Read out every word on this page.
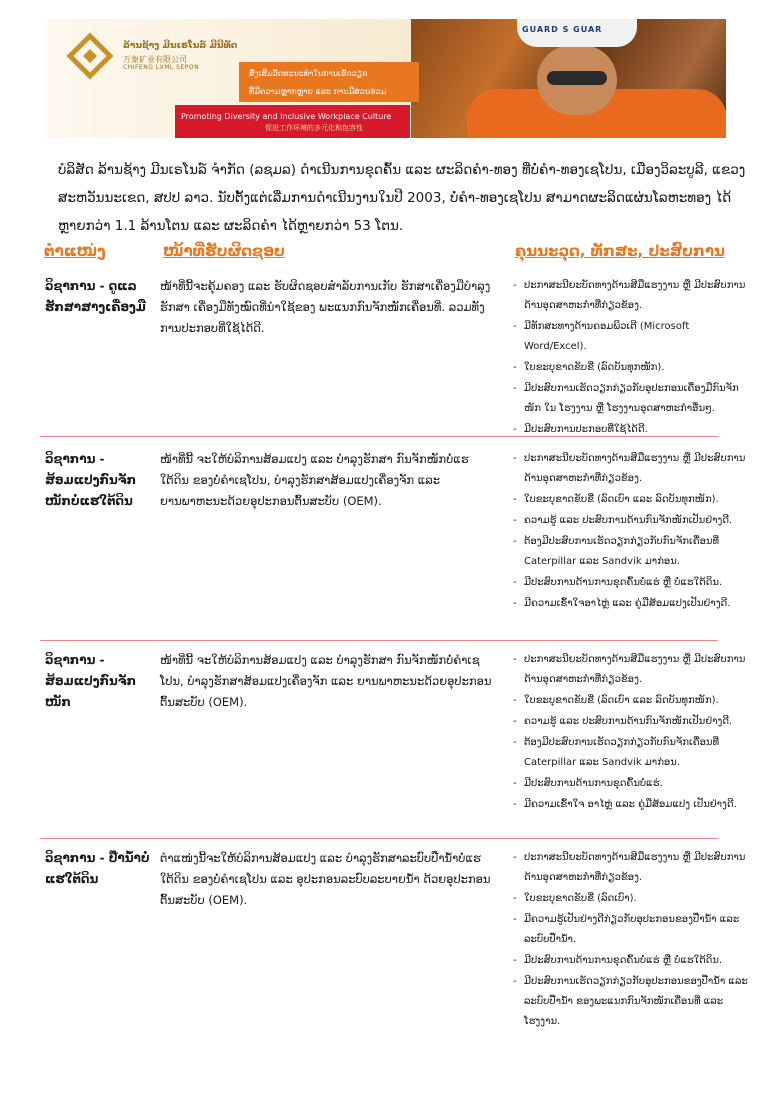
ລ້ານຊ້າງ ມີນເຣໂນລ໌ ມີນີທັດ
万象矿业有限公司
CHIFENG LXML SEPON
GUARD S GUAR
ສົ່ງເສີມວັດທະນະທຳໃນການເຮັດວຽກ
ທີ່ມີຄວາມຫຼາກຫຼາຍ ແລະ ການມີສ່ວນຮ່ວມ
Promoting Diversity and Inclusive Workplace Culture
促进工作环境的多元化和包容性
ບໍລິສັດ ລ້ານຊ້າງ ມີນເຣໂນລ໌ ຈຳກັດ (ລຊມລ) ດຳເນີນການຂຸດຄົ້ນ ແລະ ຜະລິດຄຳ-ທອງ ທີ່ບໍ່ຄຳ-ທອງເຊໂປນ, ເມືອງວິລະບູລີ, ແຂວງສະຫວັນນະເຂດ, ສປປ ລາວ. ນັບຕັ້ງແຕ່ເລີ່ມການດຳເນີນງານໃນປີ 2003, ບໍ່ຄຳ-ທອງເຊໂປນ ສາມາດຜະລິດແຜ່ນໂລຫະທອງ ໄດ້ຫຼາຍກວ່າ 1.1 ລ້ານໂຕນ ແລະ ຜະລິດຄຳ ໄດ້ຫຼາຍກວ່າ 53 ໂຕນ.
ຕຳແໜ່ງ	ໜ້າທີ່ຮັບຜິດຊອບ	ຄຸນນະວຸດ, ທັກສະ, ປະສົບການ
ວິຊາການ - ດູແລຮັກສາສາງເຄື່ອງມື
ໜ້າທີ່ນີ້ຈະຄຸ້ມຄອງ ແລະ ຮັບຜິດຊອບສຳລັບການເກັບ ຮັກສາເຄື່ອງມືບຳລຸງຮັກສາ ເຄື່ອງມືທັງໝົດທີ່ນຳໃຊ້ຂອງ ພະແນກກົນຈັກໜັກເຄື່ອນທີ່. ລວມທັງການປະກອບທີ່ໃຊ້ໄດ້ດີ.
- ປະກາສະນີຍະບັດທາງດ້ານສີມືແຮງງານ ຫຼື ມີປະສົບການດ້ານອຸດສາຫະກຳທີ່ກ່ຽວຂ້ອງ.
- ມີທັກສະທາງດ້ານຄອມພິວເຕີ (Microsoft Word/Excel).
- ໃບຂະບຸຂາດຂັບຂີ່ (ລົດບັນທຸກໜັກ).
- ມີປະສົບການເຮັດວຽກກ່ຽວກັບອຸປະກອນເຄື່ອງມືກົນຈັກໜັກ ໃນ ໂຮງງານ ຫຼື ໂຮງງານອຸດສາຫະກຳອື່ນໆ.
- ມີປະສົບການປະກອບທີ່ໃຊ້ໄດ້ດີ.
ວິຊາການ - ສ້ອມແປງກົນຈັກໜັກບໍ່ແຮໃຕ້ດິນ
ໜ້າທີ່ນີ້ ຈະໃຫ້ບໍລິການສ້ອມແປງ ແລະ ບຳລຸງຮັກສາ ກົນຈັກໜັກບໍ່ແຮໃຕ້ດິນ ຂອງບໍ່ຄຳເຊໂປນ, ບຳລຸງຮັກສາສ້ອມແປງເຄື່ອງຈັກ ແລະ ຍານພາຫະນະດ້ວຍອຸປະກອນຕົ້ນສະບັບ (OEM).
- ປະກາສະນີຍະບັດທາງດ້ານສີມືແຮງງານ ຫຼື ມີປະສົບການດ້ານອຸດສາຫະກຳທີ່ກ່ຽວຂ້ອງ.
- ໃບຂະບຸຂາດຂັບຂີ່ (ລົດເບົາ ແລະ ລົດບັນທຸກໜັກ).
- ຄວາມຮູ້ ແລະ ປະສົບການດ້ານກົນຈັກໜັກເປັນຢ່າງດີ.
- ຕ້ອງມີປະສົບການເຮັດວຽກກ່ຽວກັບກົນຈັກເຄື່ອນທີ່ Caterpillar ແລະ Sandvik ມາກ່ອນ.
- ມີປະສົບການດ້ານການຂຸດຄົ້ນບໍ່ແຮ່ ຫຼື ບໍ່ແຮໃຕ້ດິນ.
- ມີຄວາມເຂົ້າໃຈອາໄຫຼ່ ແລະ ຄູ່ມືສ້ອມແປງເປັນຢ່າງດີ.
ວິຊາການ - ສ້ອມແປງກົນຈັກໜັກ
ໜ້າທີ່ນີ້ ຈະໃຫ້ບໍລິການສ້ອມແປງ ແລະ ບຳລຸງຮັກສາ ກົນຈັກໜັກບໍ່ຄຳເຊໂປນ, ບຳລຸງຮັກສາສ້ອມແປງເຄື່ອງຈັກ ແລະ ຍານພາຫະນະດ້ວຍອຸປະກອນຕົ້ນສະບັບ (OEM).
- ປະກາສະນີຍະບັດທາງດ້ານສີມືແຮງງານ ຫຼື ມີປະສົບການດ້ານອຸດສາຫະກຳທີ່ກ່ຽວຂ້ອງ.
- ໃບຂະບຸຂາດຂັບຂີ່ (ລົດເບົາ ແລະ ລົດບັນທຸກໜັກ).
- ຄວາມຮູ້ ແລະ ປະສົບການດ້ານກົນຈັກໜັກເປັນຢ່າງດີ.
- ຕ້ອງມີປະສົບການເຮັດວຽກກ່ຽວກັບກົນຈັກເຄື່ອນທີ່ Caterpillar ແລະ Sandvik ມາກ່ອນ.
- ມີປະສົບການດ້ານການຂຸດຄົ້ນບໍ່ແຮ່.
- ມີຄວາມເຂົ້າໃຈ ອາໄຫຼ່ ແລະ ຄູ່ມືສ້ອມແປງ ເປັນຢ່າງດີ.
ວິຊາການ - ປ໊ຳນ້ຳບໍ່ແຮໃຕ້ດິນ
ຕຳແໜ່ງນີ້ຈະໃຫ້ບໍລິການສ້ອມແປງ ແລະ ບຳລຸງຮັກສາລະບົບປ໊ຳນ້ຳບໍ່ແຮໃຕ້ດິນ ຂອງບໍ່ຄຳເຊໂປນ ແລະ ອຸປະກອນລະບົບລະບາຍນ້ຳ ດ້ວຍອຸປະກອນຕົ້ນສະບັບ (OEM).
- ປະກາສະນີຍະບັດທາງດ້ານສີມືແຮງງານ ຫຼື ມີປະສົບການດ້ານອຸດສາຫະກຳທີ່ກ່ຽວຂ້ອງ.
- ໃບຂະບຸຂາດຂັບຂີ່ (ລົດເບົາ).
- ມີຄວາມຮູ້ເປັນຢ່າງດີກ່ຽວກັບອຸປະກອນຂອງປ໊ຳນ້ຳ ແລະ ລະບົບປ໊ຳນ້ຳ.
- ມີປະສົບການດ້ານການຂຸດຄົ້ນບໍ່ແຮ່ ຫຼື ບໍ່ແຮໃຕ້ດິນ.
- ມີປະສົບການເຮັດວຽກກ່ຽວກັບອຸປະກອນຂອງປ໊ຳນ້ຳ ແລະ ລະບົບປ໊ຳນ້ຳ ຂອງພະແນກກົນຈັກໜັກເຄື່ອນທີ່ ແລະ ໂຮງງານ.
